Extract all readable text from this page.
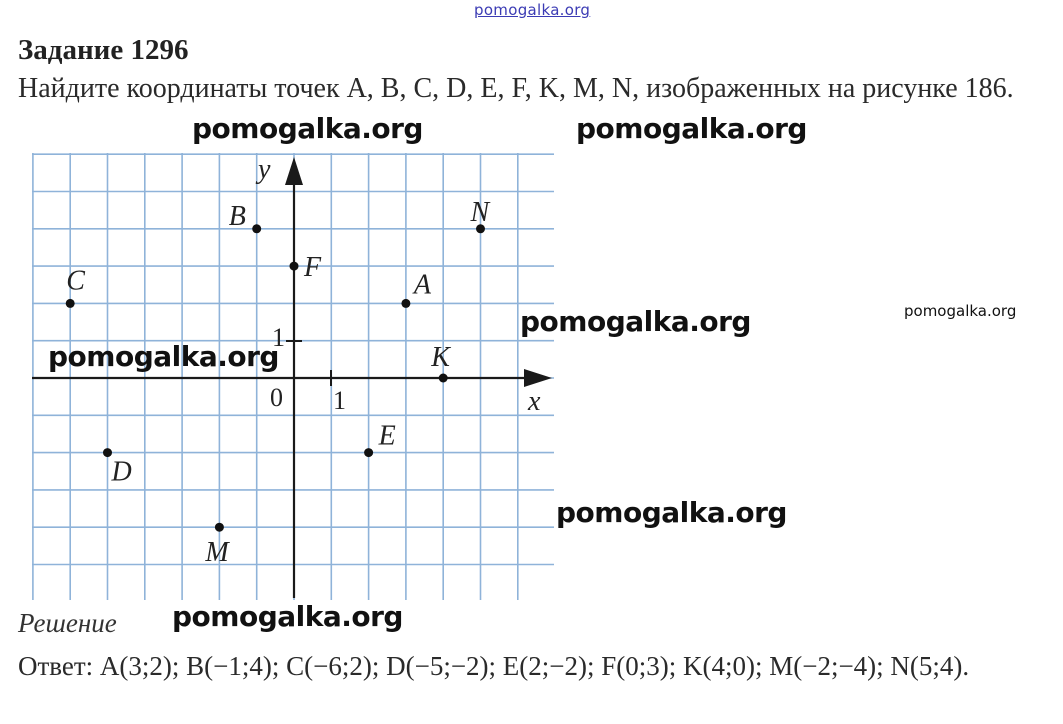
pomogalka.org
Задание 1296
Найдите координаты точек A, B, C, D, E, F, K, M, N, изображенных на рисунке 186.
x
y
0 1
1
A
B
C
D
E
F
K
M
N
pomogalka.org	pomogalka.org
pomogalka.org	pomogalka.org
pomogalka.org
pomogalka.org
pomogalka.org
Решение
Ответ: A(3;2); B(−1;4); C(−6;2); D(−5;−2); E(2;−2); F(0;3); K(4;0); M(−2;−4); N(5;4).
